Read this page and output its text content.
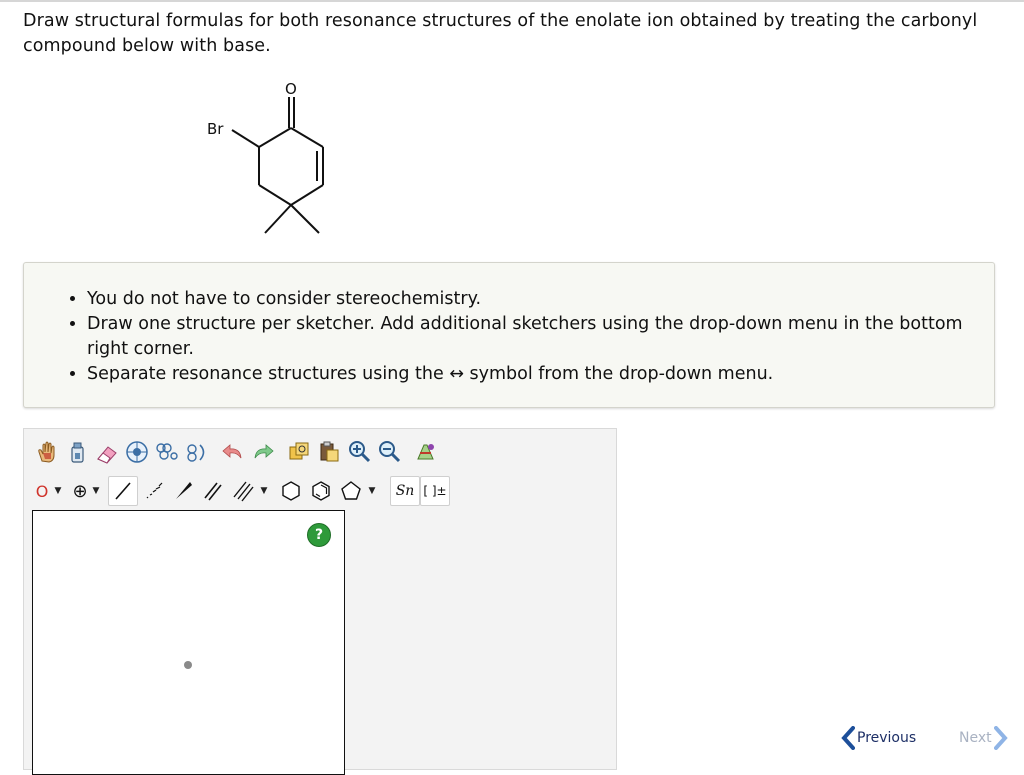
Draw structural formulas for both resonance structures of the enolate ion obtained by treating the carbonyl compound below with base.
O
Br
• You do not have to consider stereochemistry.
• Draw one structure per sketcher. Add additional sketchers using the drop-down menu in the bottom right corner.
• Separate resonance structures using the ↔ symbol from the drop-down menu.
O ▼ ⊕ ▼	▼	▼ Sn [ ]±
?
Previous	Next
